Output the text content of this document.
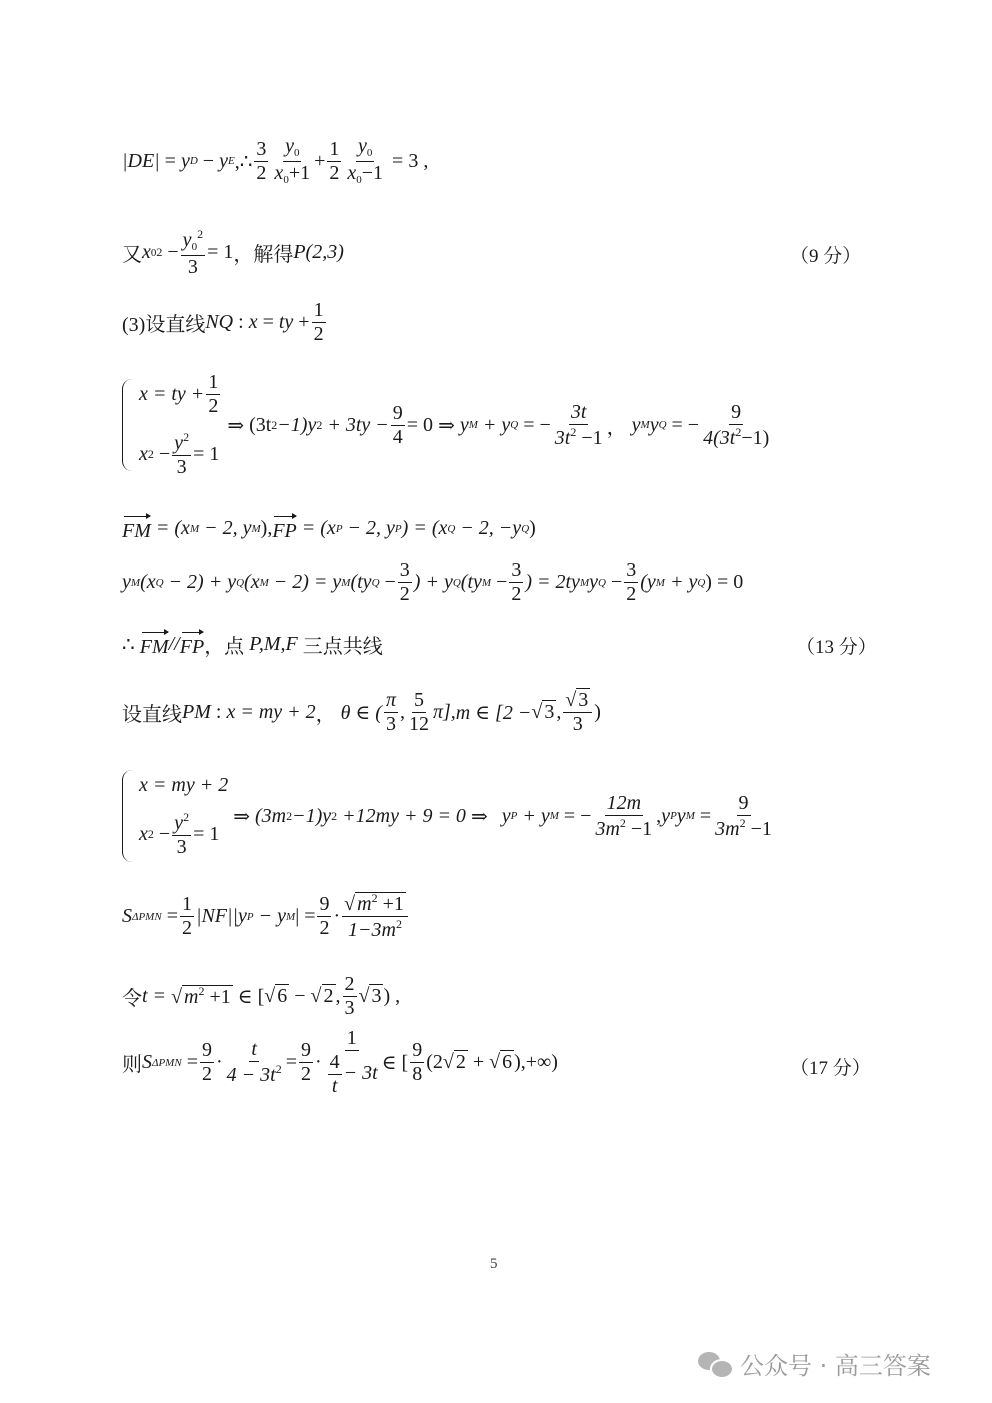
|DE| = y D − y E ,∴
3
2
$y_0$
$x_0+1$
+ $\frac{1}{2} \frac{y_0}{x_0-1}$
= 3 ,
又 x 0 2
− $\frac{y_0^2}{3} = 1$ ，解得 P(2,3)	（9 分）
(3)设直线 NQ
:
x
=
ty
+ $\frac{1}{2}$
x = ty + $\frac{1}{2}$
x 2
− $\frac{y^2}{3} = 1$

⇒
(3t 2 −1)y 2
+ $3ty - \frac{9}{4} = 0$
⇒
y M
+ y Q
= − $\frac{3t}{3t^2 -1}$ ，
y M y Q
= − $\frac{9}{4(3t^2-1)}$
FM
= (x M
− 2, y M ), FP
= (x P
− 2, y P ) = (x Q
− 2, −y Q )
y M (x Q
− 2) + y Q (x M
− 2) = y M (ty Q
− $\frac{3}{2}$ ) + y Q (ty M
− $\frac{3}{2}$ ) = 2ty M y Q
− $\frac{3}{2} (y$ M
+ y Q ) = 0
∴
FM // FP ，点
P,M,F
三点共线	（13 分）
设直线 PM
:
x = my + 2 ，
θ ∈ (
π
3
,
5
12
π], m ∈ [2 − √ 3 ,
√ 3
3
)
x = my + 2
x 2
− $\frac{y^2}{3} = 1$

⇒
(3m 2 −1)y 2
+12my + 9 = 0
⇒ y P
+ y M
= − $\frac{12m}{3m^2 -1}$ , y P y M
= $\frac{9}{3m^2 -1}$
S ΔPMN
= $\frac{1}{2} |NF||y$ P
− y M | = $\frac{9}{2}$ ·
√ $m^2 +1$
$1-3m^2$
令 t =
√ $m^2 +1$
∈ [ √ 6
−
√ 2 ,
2
3
√ 3 ) ,
则 S ΔPMN
= $\frac{9}{2} \cdot \frac{t}{4 - 3t^2} = \frac{9}{2}$ ·
1
$\frac{4}{t} - 3t$ ∈ [
9
8
(2 √ 2
+
√ 6 ),+∞)	（17 分）
5
公众号 · 高三答案
